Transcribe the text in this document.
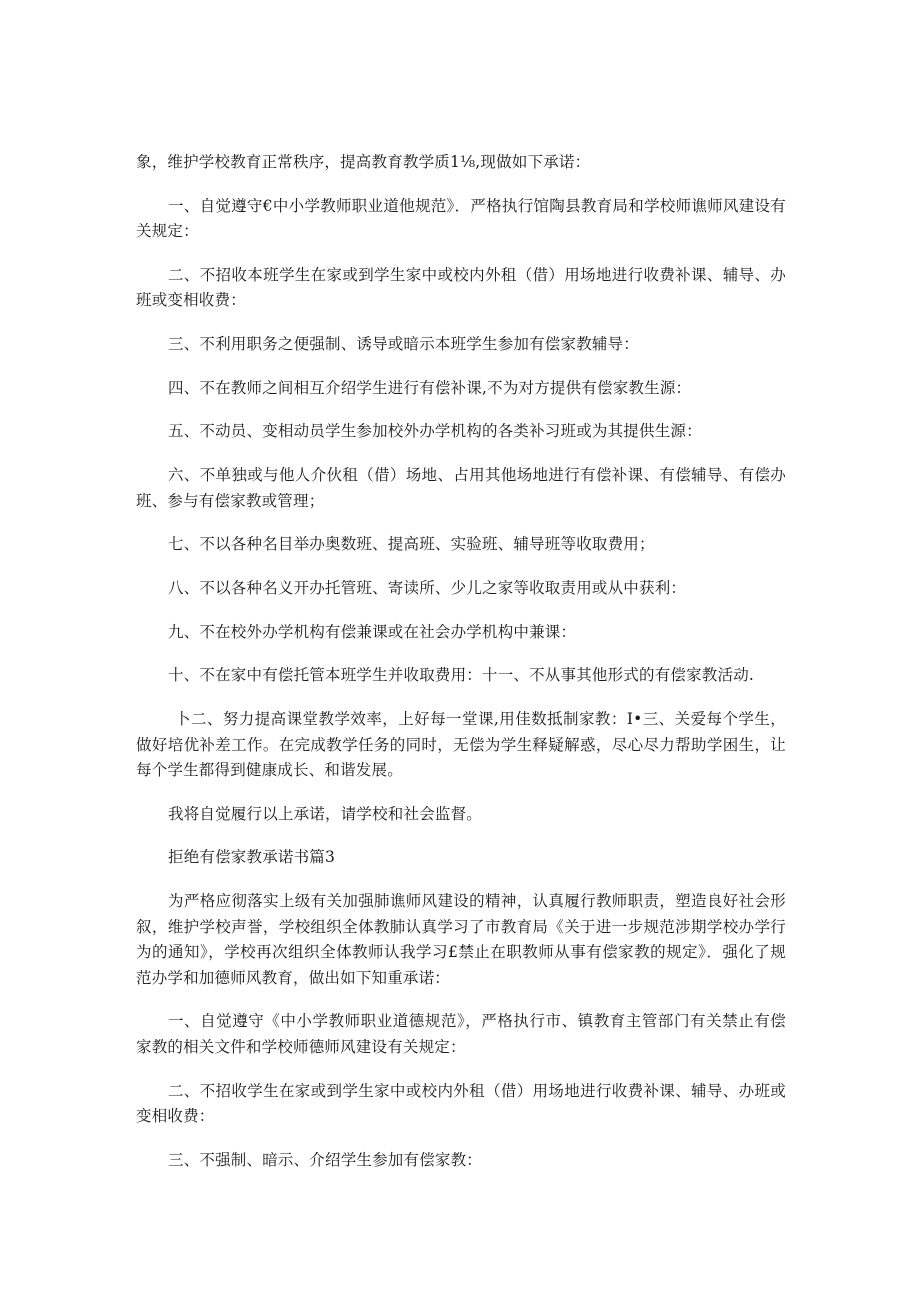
象，维护学校教育正常秩序，提高教育教学质1⅛,现做如下承诺：

一、自觉遵守€中小学教师职业道他规范》．严格执行馆陶县教育局和学校师谯师风建设有关规定：

二、不招收本班学生在家或到学生家中或校内外租（借）用场地进行收费补课、辅导、办班或变相收费：

三、不利用职务之便强制、诱导或暗示本班学生参加有偿家教辅导：

四、不在教师之间相互介绍学生进行有偿补课,不为对方提供有偿家教生源：

五、不动员、变相动员学生参加校外办学机构的各类补习班或为其提供生源：

六、不单独或与他人介伙租（借）场地、占用其他场地进行有偿补课、有偿辅导、有偿办班、参与有偿家教或管理；

七、不以各种名目举办奥数班、提高班、实验班、辅导班等收取费用；

八、不以各种名义开办托管班、寄读所、少儿之家等收取责用或从中获利：

九、不在校外办学机构有偿兼课或在社会办学机构中兼课：

十、不在家中有偿托管本班学生并收取费用：十一、不从事其他形式的有偿家教活动.

卜二、努力提高课堂教学效率，上好每一堂课,用佳数抵制家教：I•三、关爱每个学生，做好培优补差工作。在完成教学任务的同时，无偿为学生释疑解惑，尽心尽力帮助学困生，让每个学生都得到健康成长、和谐发展。

我将自觉履行以上承诺，请学校和社会监督。

拒绝有偿家教承诺书篇3

为严格应彻落实上级有关加强肺谯师风建设的精神，认真履行教师职责，塑造良好社会形叙，维护学校声誉，学校组织全体教肺认真学习了市教育局《关于进一步规范涉期学校办学行为的通知》，学校再次组织全体教师认我学习£禁止在职教师从事有偿家教的规定》．强化了规范办学和加德师风教育，做出如下知重承诺：

一、自觉遵守《中小学教师职业道德规范》，严格执行市、镇教育主管部门有关禁止有偿家教的相关文件和学校师德师风建设有关规定：

二、不招收学生在家或到学生家中或校内外租（借）用场地进行收费补课、辅导、办班或变相收费：

三、不强制、暗示、介绍学生参加有偿家教：
